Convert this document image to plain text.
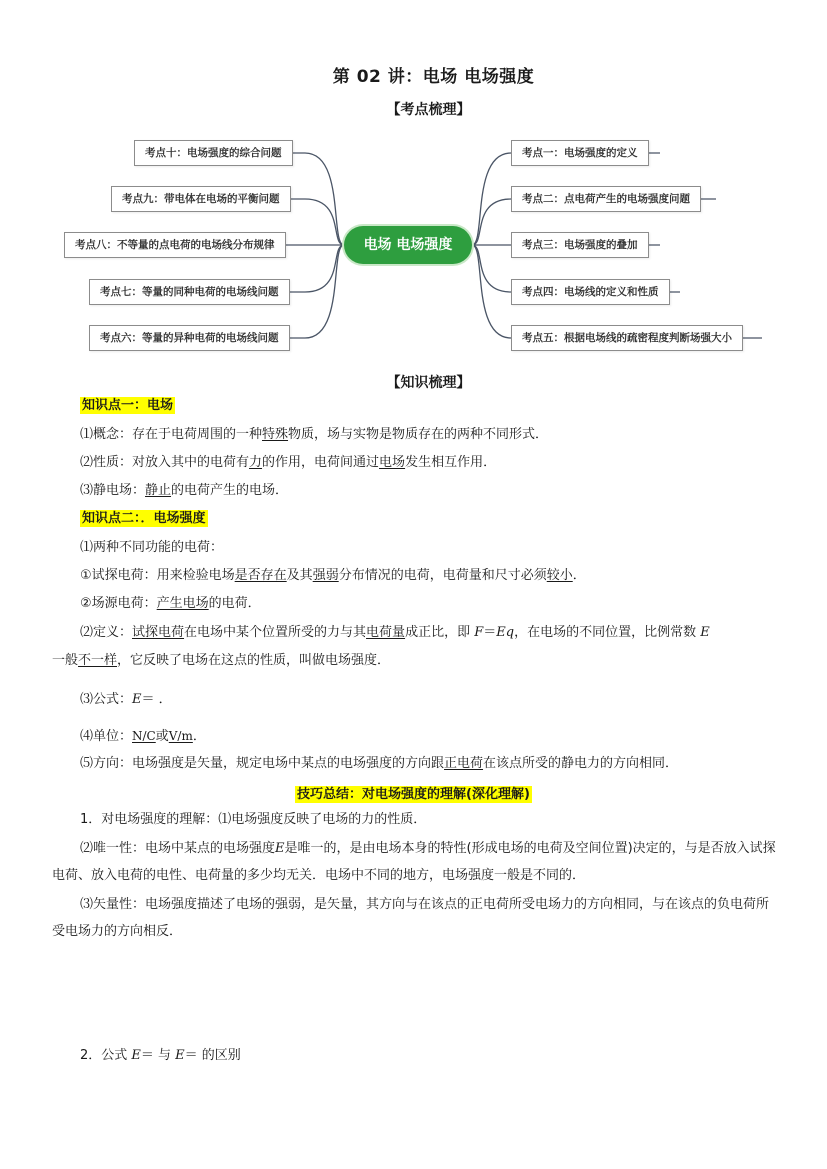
第 02 讲：电场 电场强度
【考点梳理】
考点十：电场强度的综合问题
考点九：带电体在电场的平衡问题
考点八：不等量的点电荷的电场线分布规律
考点七：等量的同种电荷的电场线问题
考点六：等量的异种电荷的电场线问题
考点一：电场强度的定义
考点二：点电荷产生的电场强度问题
考点三：电场强度的叠加
考点四：电场线的定义和性质
考点五：根据电场线的疏密程度判断场强大小
电场 电场强度
【知识梳理】
知识点一：电场
⑴概念：存在于电荷周围的一种特殊物质，场与实物是物质存在的两种不同形式．
⑵性质：对放入其中的电荷有力的作用，电荷间通过电场发生相互作用．
⑶静电场：静止的电荷产生的电场．
知识点二：．电场强度
⑴两种不同功能的电荷：
①试探电荷：用来检验电场是否存在及其强弱分布情况的电荷，电荷量和尺寸必须较小．
②场源电荷：产生电场的电荷．
⑵定义：试探电荷在电场中某个位置所受的力与其电荷量成正比，即 F＝Eq，在电场的不同位置，比例常数 E
一般不一样，它反映了电场在这点的性质，叫做电场强度．
⑶公式：E＝ ．
⑷单位：N/C或V/m．
⑸方向：电场强度是矢量，规定电场中某点的电场强度的方向跟正电荷在该点所受的静电力的方向相同．
技巧总结：对电场强度的理解(深化理解)
1．对电场强度的理解：⑴电场强度反映了电场的力的性质．
⑵唯一性：电场中某点的电场强度E是唯一的，是由电场本身的特性(形成电场的电荷及空间位置)决定的，与是否放入试探电荷、放入电荷的电性、电荷量的多少均无关．电场中不同的地方，电场强度一般是不同的．
⑶矢量性：电场强度描述了电场的强弱，是矢量，其方向与在该点的正电荷所受电场力的方向相同，与在该点的负电荷所受电场力的方向相反．
2．公式 E＝ 与 E＝ 的区别
